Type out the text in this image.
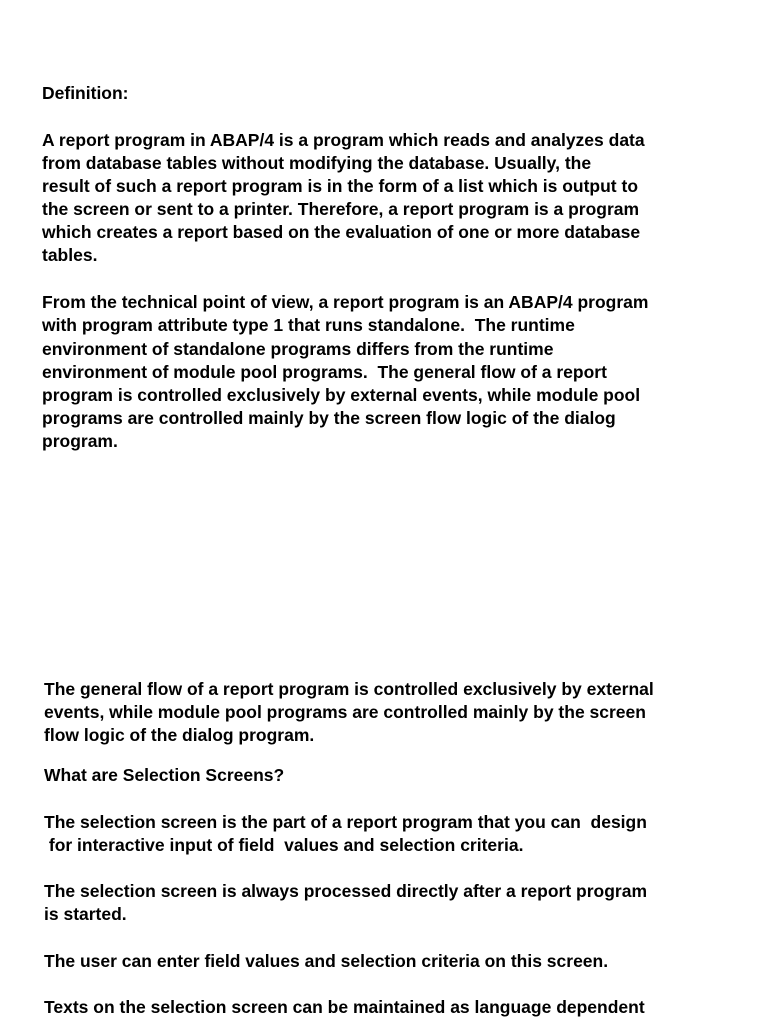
Definition:
A report program in ABAP/4 is a program which reads and analyzes data
from database tables without modifying the database. Usually, the
result of such a report program is in the form of a list which is output to
the screen or sent to a printer. Therefore, a report program is a program
which creates a report based on the evaluation of one or more database
tables.
From the technical point of view, a report program is an ABAP/4 program
with program attribute type 1 that runs standalone.  The runtime
environment of standalone programs differs from the runtime
environment of module pool programs.  The general flow of a report
program is controlled exclusively by external events, while module pool
programs are controlled mainly by the screen flow logic of the dialog
program.
The general flow of a report program is controlled exclusively by external
events, while module pool programs are controlled mainly by the screen
flow logic of the dialog program.
What are Selection Screens?
The selection screen is the part of a report program that you can  design
for interactive input of field  values and selection criteria.
The selection screen is always processed directly after a report program
is started.
The user can enter field values and selection criteria on this screen.
Texts on the selection screen can be maintained as language dependent
